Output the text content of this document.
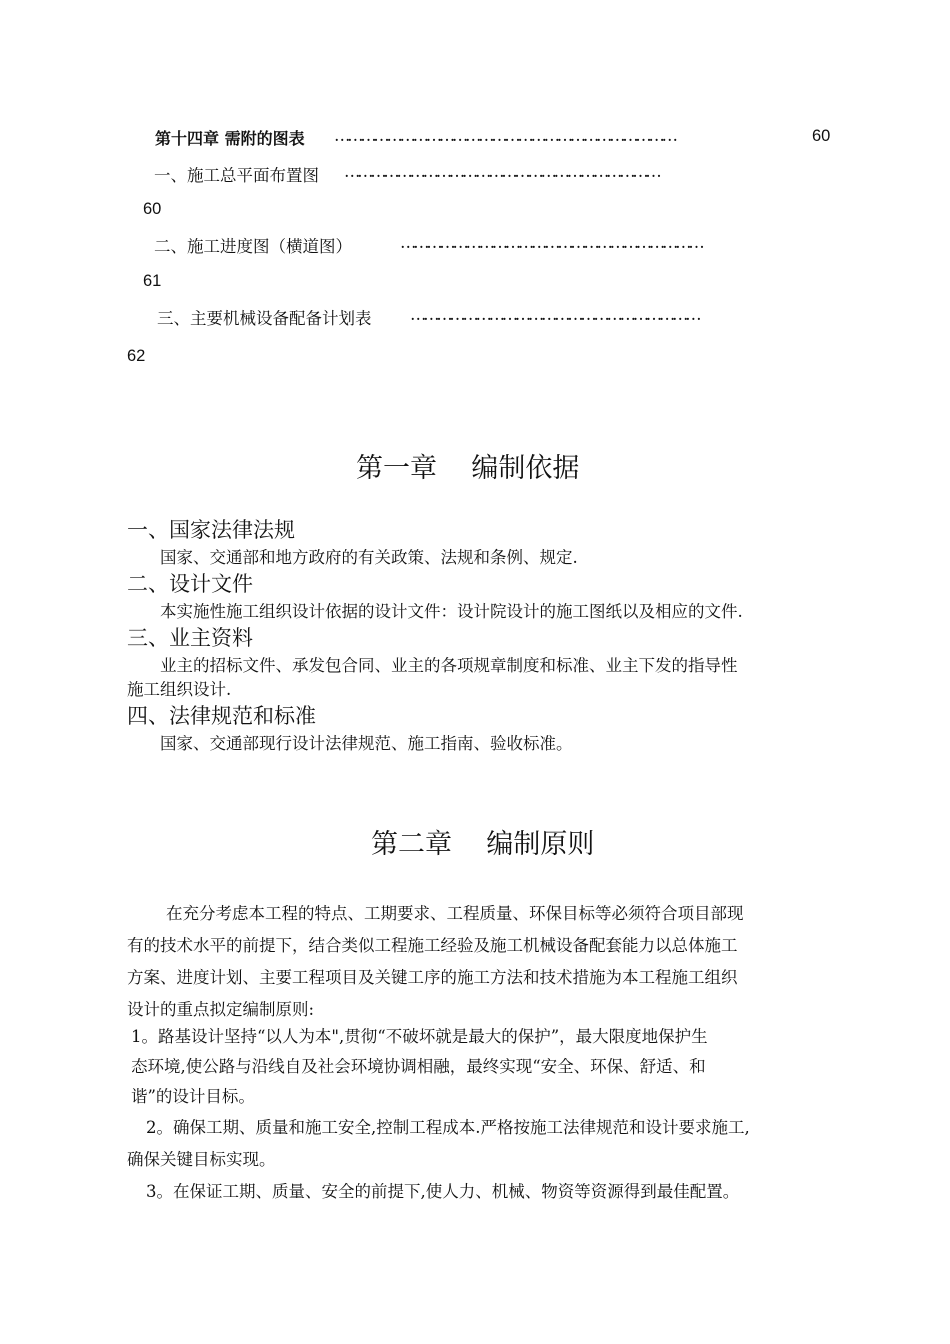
第十四章 需附的图表 ……………………………………………………………………	60
一、施工总平面布置图 ………………………………………………………………
60
二、施工进度图（横道图）	……………………………………………………………
61
三、主要机械设备配备计划表 …………………………………………………………
62
第一章    编制依据
一、国家法律法规
国家、交通部和地方政府的有关政策、法规和条例、规定.
二、设计文件
本实施性施工组织设计依据的设计文件：设计院设计的施工图纸以及相应的文件.
三、业主资料
业主的招标文件、承发包合同、业主的各项规章制度和标准、业主下发的指导性
施工组织设计.
四、法律规范和标准
国家、交通部现行设计法律规范、施工指南、验收标准。
第二章    编制原则
在充分考虑本工程的特点、工期要求、工程质量、环保目标等必须符合项目部现
有的技术水平的前提下，结合类似工程施工经验及施工机械设备配套能力以总体施工
方案、进度计划、主要工程项目及关键工序的施工方法和技术措施为本工程施工组织
设计的重点拟定编制原则:
1。路基设计坚持“以人为本",贯彻“不破坏就是最大的保护”，最大限度地保护生
态环境,使公路与沿线自及社会环境协调相融，最终实现“安全、环保、舒适、和
谐”的设计目标。
2。确保工期、质量和施工安全,控制工程成本.严格按施工法律规范和设计要求施工,
确保关键目标实现。
3。在保证工期、质量、安全的前提下,使人力、机械、物资等资源得到最佳配置。
